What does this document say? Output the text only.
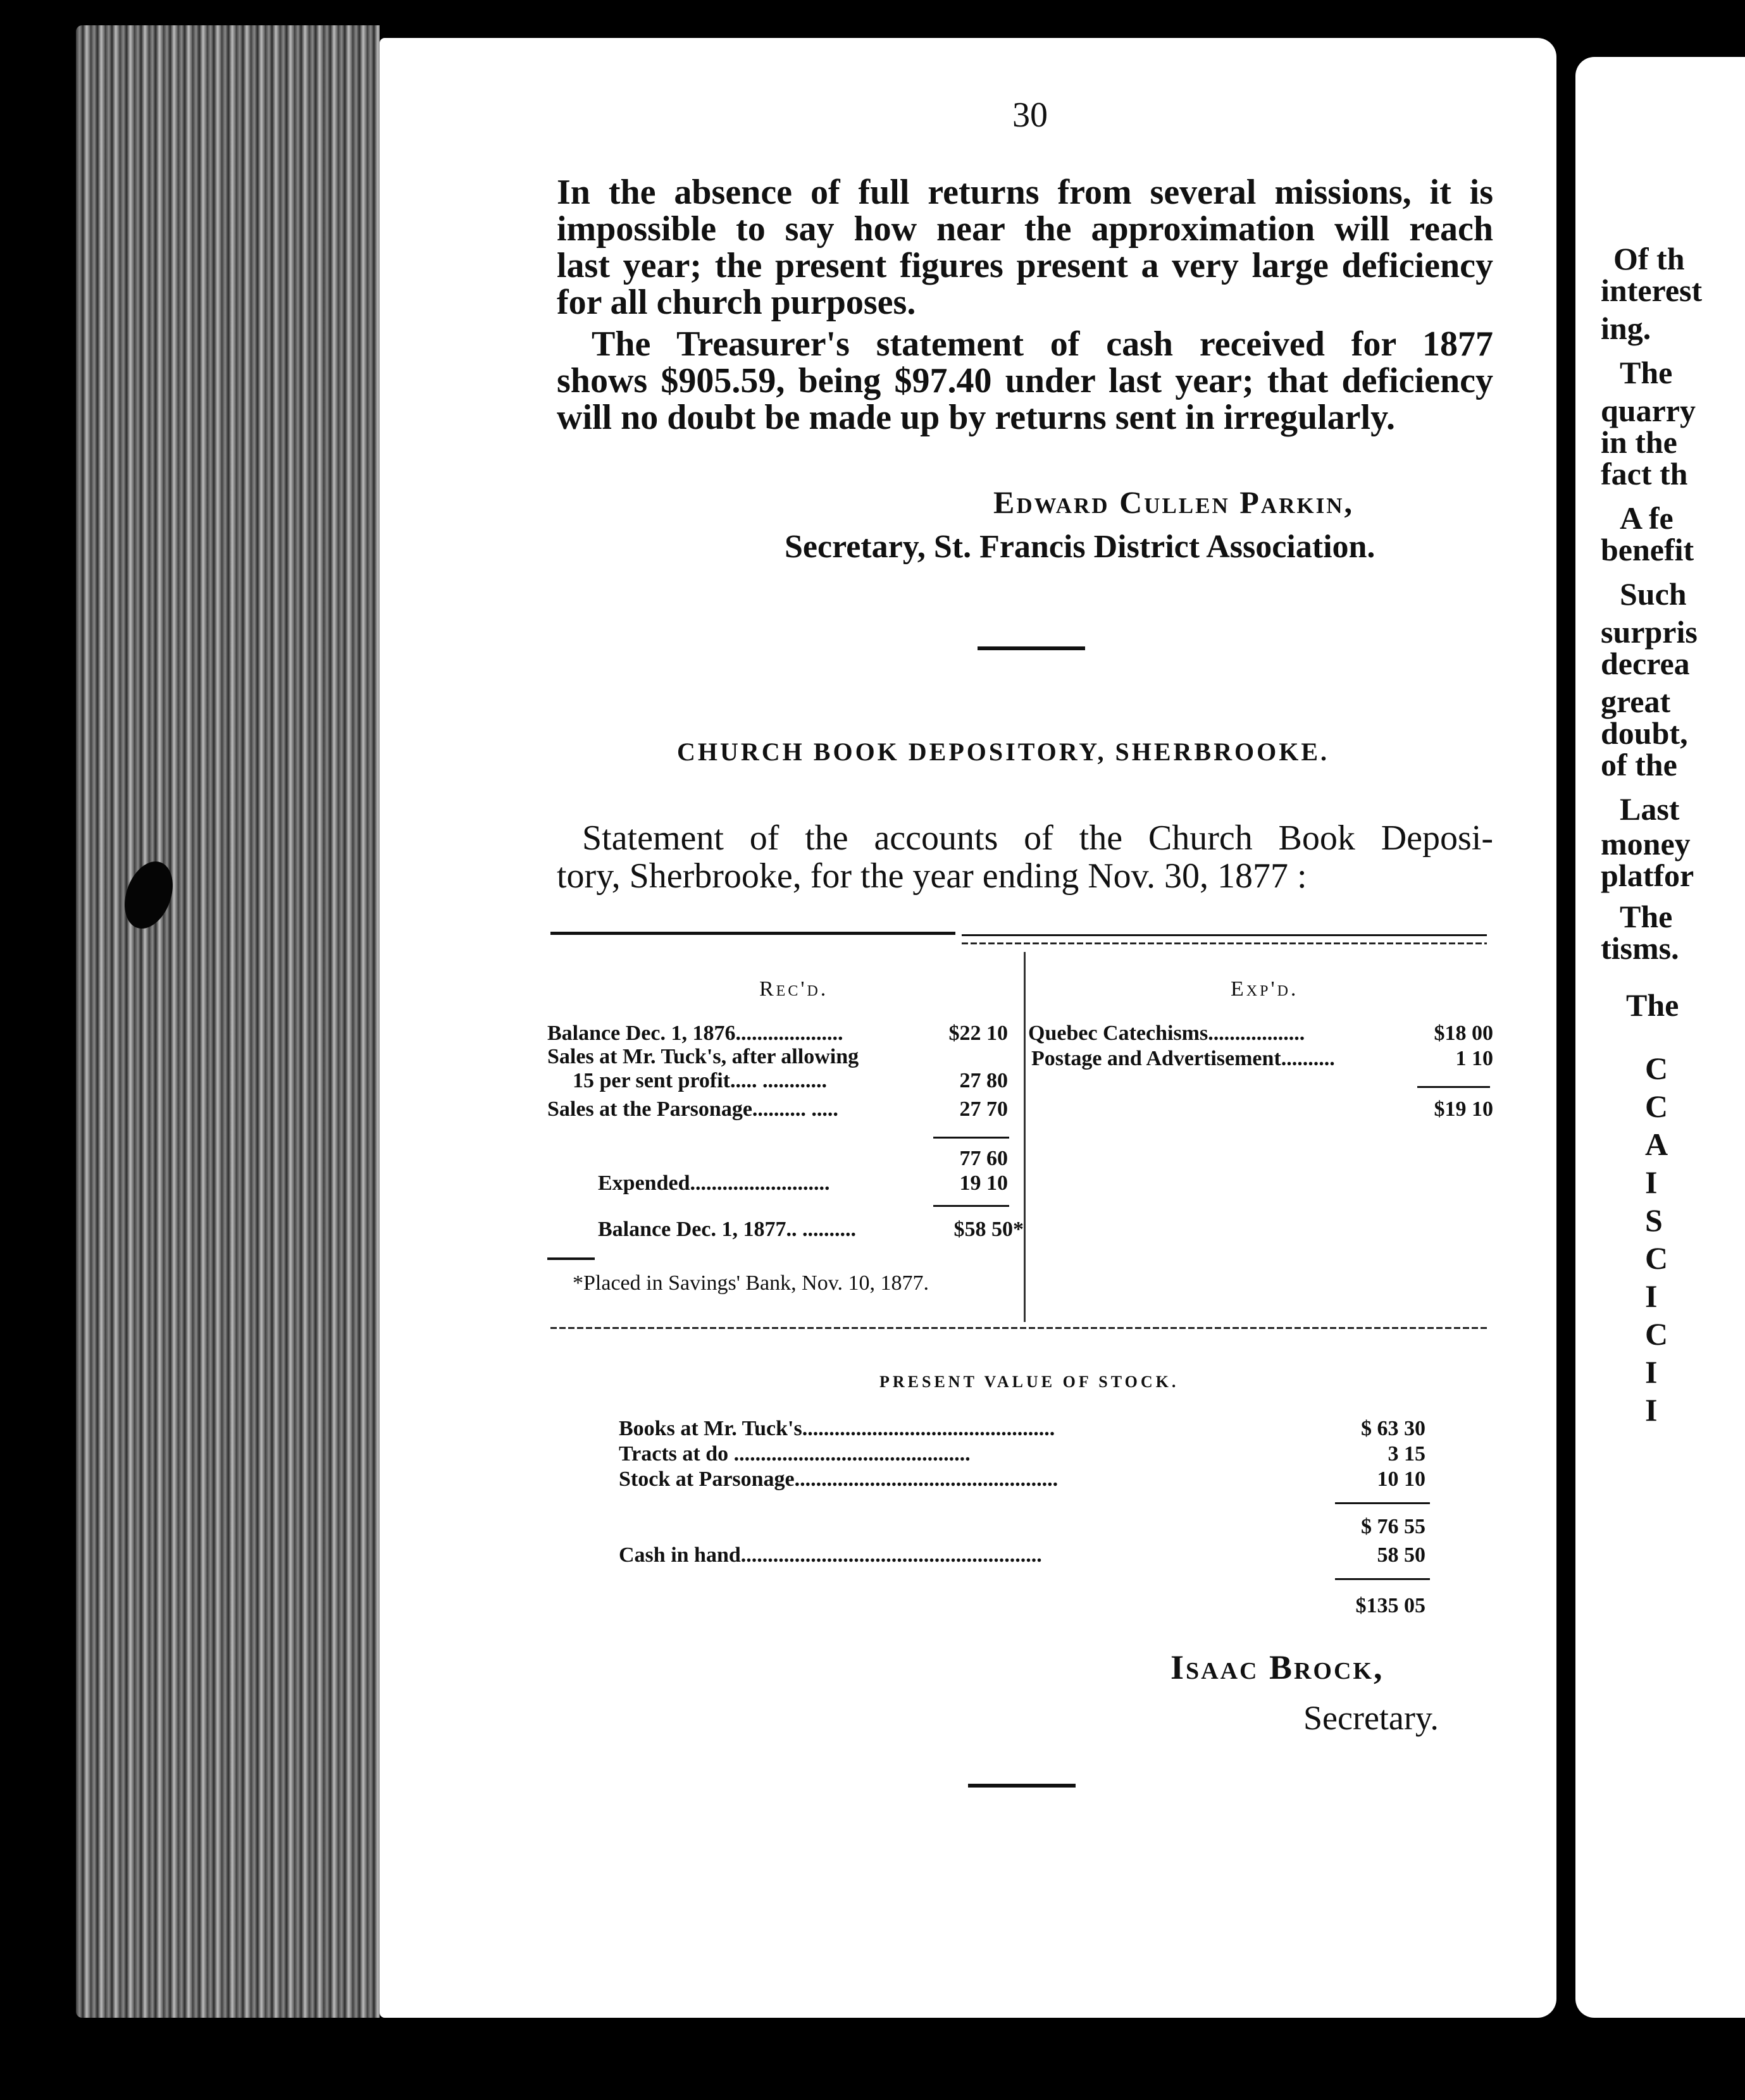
Of th
interest
ing.
The
quarry
in the
fact th
A fe
benefit
Such
surpris
decrea
great
doubt,
of the
Last
money
platfor
The
tisms.
The
C
C
A
I
S
C
I
C
I
I
30
In the absence of full returns from several missions, it is
impossible to say how near the approximation will reach
last year; the present figures present a very large deficiency
for all church purposes.
The Treasurer's statement of cash received for 1877
shows $905.59, being $97.40 under last year; that deficiency
will no doubt be made up by returns sent in irregularly.
Edward Cullen Parkin,
Secretary, St. Francis District Association.
CHURCH BOOK DEPOSITORY, SHERBROOKE.
Statement of the accounts of the Church Book Deposi-
tory, Sherbrooke, for the year ending Nov. 30, 1877 :
Rec'd.	Exp'd.
Balance Dec. 1, 1876....................	$22 10
Sales at Mr. Tuck's, after allowing
15 per sent profit..... ............	27 80
Sales at the Parsonage.......... .....	27 70
77 60
Expended..........................	19 10
Balance Dec. 1, 1877.. ..........	$58 50*
*Placed in Savings' Bank, Nov. 10, 1877.
Quebec Catechisms..................	$18 00
Postage and Advertisement..........	1 10
$19 10
PRESENT VALUE OF STOCK.
Books at Mr. Tuck's...............................................	$ 63 30
Tracts at do ............................................	3 15
Stock at Parsonage.................................................	10 10
$ 76 55
Cash in hand........................................................	58 50
$135 05
Isaac Brock,
Secretary.
